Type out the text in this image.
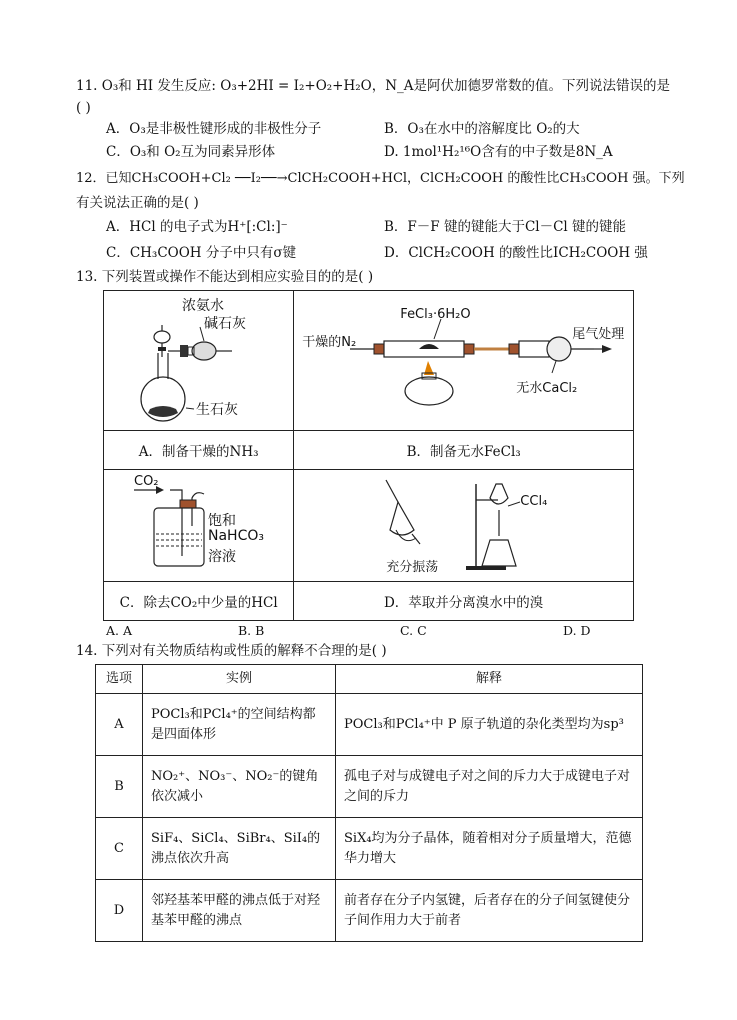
11. O₃和 HI 发生反应: O₃+2HI = I₂+O₂+H₂O，N_A是阿伏加德罗常数的值。下列说法错误的是
( )
A．O₃是非极性键形成的非极性分子	B．O₃在水中的溶解度比 O₂的大
C．O₃和 O₂互为同素异形体	D. 1mol¹H₂¹⁶O含有的中子数是8N_A
12．已知CH₃COOH+Cl₂ ──I₂──→ClCH₂COOH+HCl，ClCH₂COOH 的酸性比CH₃COOH 强。下列
有关说法正确的是( )
A．HCl 的电子式为H⁺[:Cl:]⁻	B．F－F 键的键能大于Cl－Cl 键的键能
C．CH₃COOH 分子中只有σ键	D．ClCH₂COOH 的酸性比ICH₂COOH 强
13. 下列装置或操作不能达到相应实验目的的是( )
浓氨水
碱石灰
生石灰	FeCl₃·6H₂O
干燥的N₂
尾气处理
无水CaCl₂

A．制备干燥的NH₃	B．制备无水FeCl₃

CO₂
饱和
NaHCO₃
溶液	充分振荡
CCl₄

C．除去CO₂中少量的HCl	D．萃取并分离溴水中的溴
A. A	B. B	C. C	D. D
14. 下列对有关物质结构或性质的解释不合理的是( )
选项	实例	解释
A	POCl₃和PCl₄⁺的空间结构都是四面体形	POCl₃和PCl₄⁺中 P 原子轨道的杂化类型均为sp³
B	NO₂⁺、NO₃⁻、NO₂⁻的键角依次减小	孤电子对与成键电子对之间的斥力大于成键电子对之间的斥力
C	SiF₄、SiCl₄、SiBr₄、SiI₄的沸点依次升高	SiX₄均为分子晶体，随着相对分子质量增大，范德华力增大
D	邻羟基苯甲醛的沸点低于对羟基苯甲醛的沸点	前者存在分子内氢键，后者存在的分子间氢键使分子间作用力大于前者
